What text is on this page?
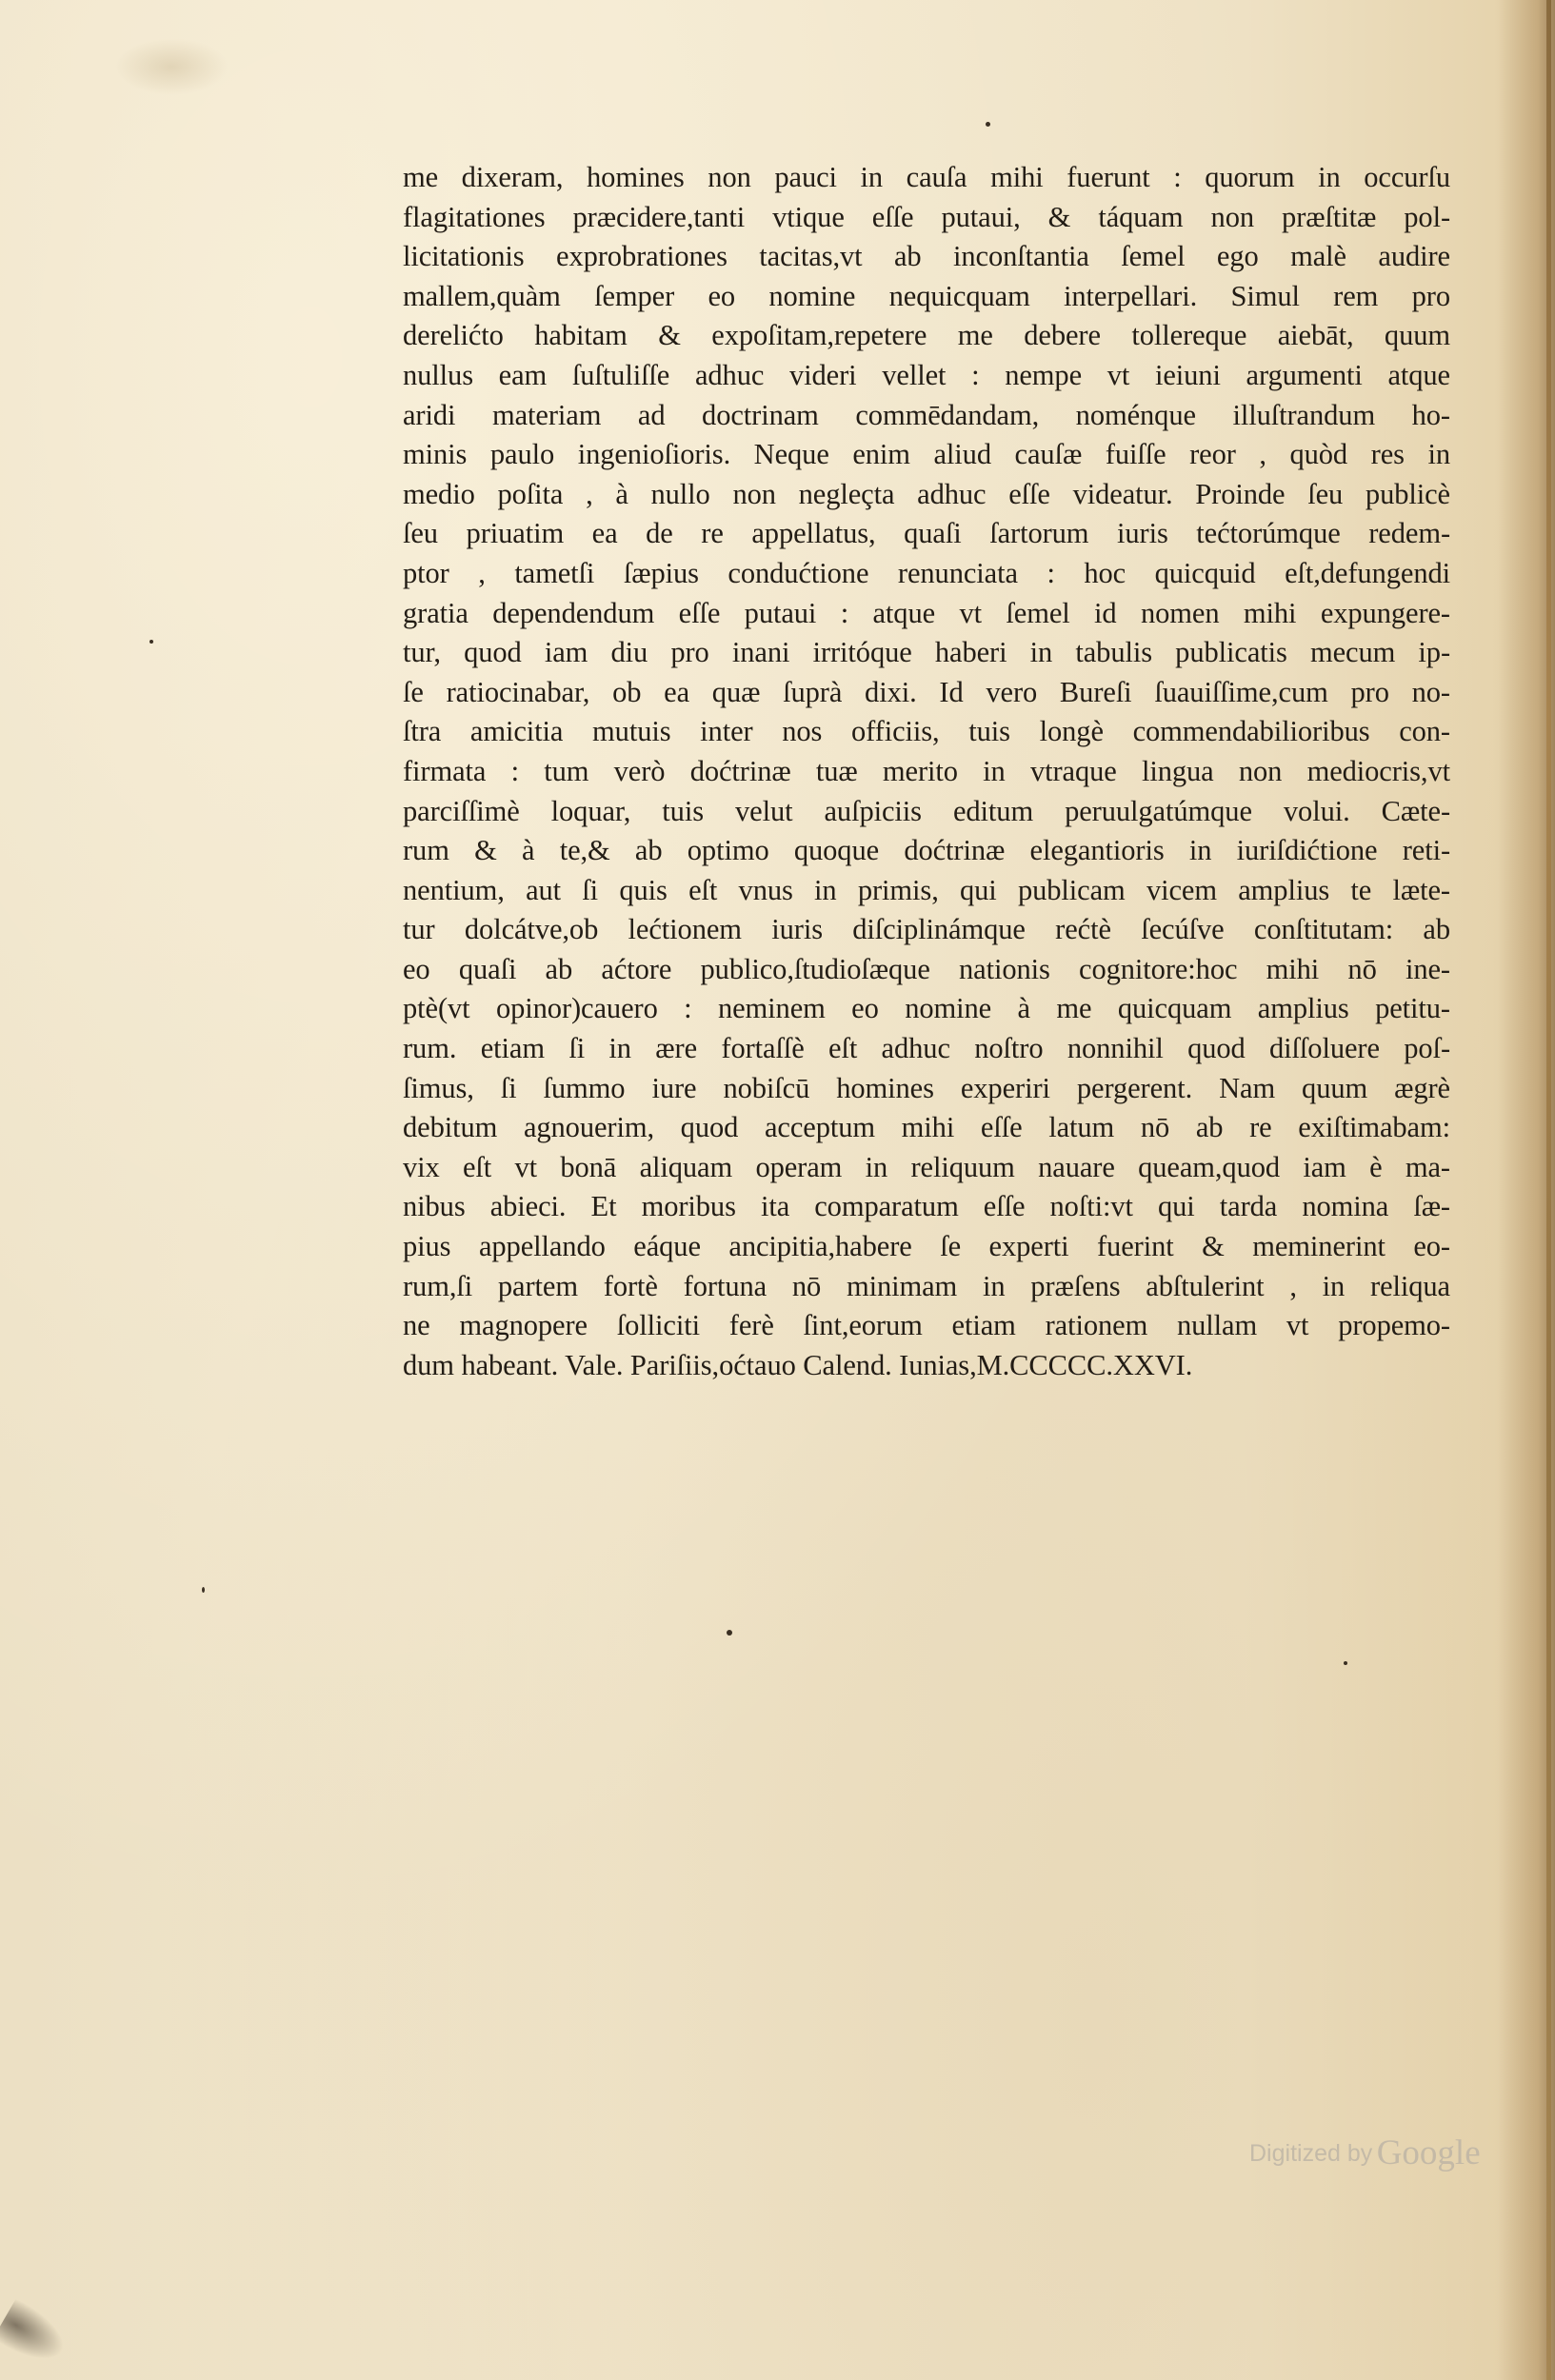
me dixeram, homines non pauci in cauſa mihi fuerunt : quorum in occurſu
flagitationes præcidere,tanti vtique eſſe putaui, & táquam non præſtitæ pol-
licitationis exprobrationes tacitas,vt ab inconſtantia ſemel ego malè audire
mallem,quàm ſemper eo nomine nequicquam interpellari. Simul rem pro
derelićto habitam & expoſitam,repetere me debere tollereque aiebāt, quum
nullus eam ſuſtuliſſe adhuc videri vellet : nempe vt ieiuni argumenti atque
aridi materiam ad doctrinam commēdandam, noménque illuſtrandum ho-
minis paulo ingenioſioris. Neque enim aliud cauſæ fuiſſe reor , quòd res in
medio poſita , à nullo non negleçta adhuc eſſe videatur. Proinde ſeu publicè
ſeu priuatim ea de re appellatus, quaſi ſartorum iuris tećtorúmque redem-
ptor , tametſi ſæpius condućtione renunciata : hoc quicquid eſt,defungendi
gratia dependendum eſſe putaui : atque vt ſemel id nomen mihi expungere-
tur, quod iam diu pro inani irritóque haberi in tabulis publicatis mecum ip-
ſe ratiocinabar, ob ea quæ ſuprà dixi. Id vero Bureſi ſuauiſſime,cum pro no-
ſtra amicitia mutuis inter nos officiis, tuis longè commendabilioribus con-
firmata : tum verò doćtrinæ tuæ merito in vtraque lingua non mediocris,vt
parciſſimè loquar, tuis velut auſpiciis editum peruulgatúmque volui. Cæte-
rum & à te,& ab optimo quoque doćtrinæ elegantioris in iuriſdićtione reti-
nentium, aut ſi quis eſt vnus in primis, qui publicam vicem amplius te læte-
tur dolcátve,ob lećtionem iuris diſciplinámque rećtè ſecúſve conſtitutam: ab
eo quaſi ab aćtore publico,ſtudioſæque nationis cognitore:hoc mihi nō ine-
ptè(vt opinor)cauero : neminem eo nomine à me quicquam amplius petitu-
rum. etiam ſi in ære fortaſſè eſt adhuc noſtro nonnihil quod diſſoluere poſ-
ſimus, ſi ſummo iure nobiſcū homines experiri pergerent. Nam quum ægrè
debitum agnouerim, quod acceptum mihi eſſe latum nō ab re exiſtimabam:
vix eſt vt bonā aliquam operam in reliquum nauare queam,quod iam è ma-
nibus abieci. Et moribus ita comparatum eſſe noſti:vt qui tarda nomina ſæ-
pius appellando eáque ancipitia,habere ſe experti fuerint & meminerint eo-
rum,ſi partem fortè fortuna nō minimam in præſens abſtulerint , in reliqua
ne magnopere ſolliciti ferè ſint,eorum etiam rationem nullam vt propemo-
dum habeant. Vale. Pariſiis,oćtauo Calend. Iunias,M.CCCCC.XXVI.
Digitized by Google
